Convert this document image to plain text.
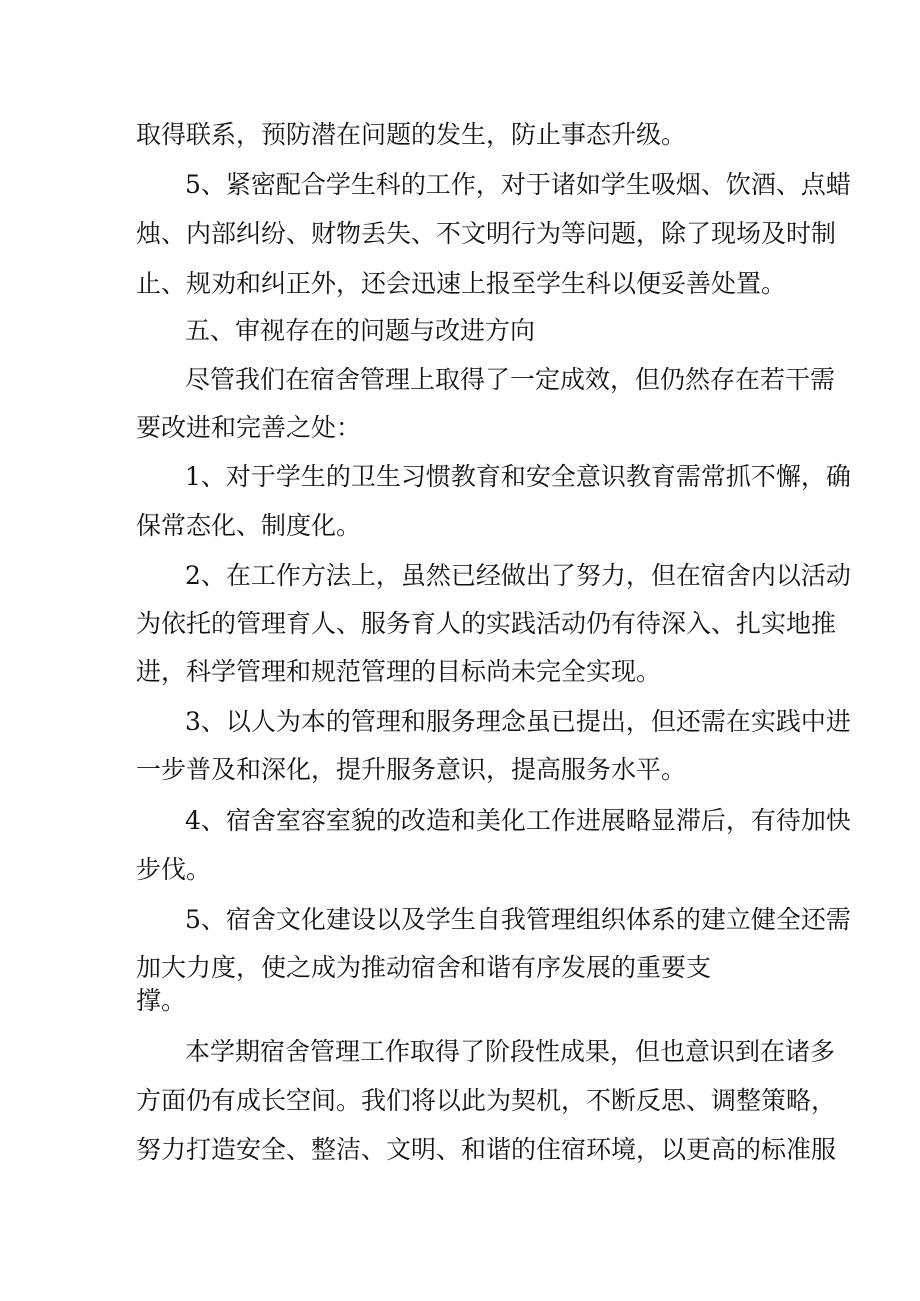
取得联系，预防潜在问题的发生，防止事态升级。
5、紧密配合学生科的工作，对于诸如学生吸烟、饮酒、点蜡
烛、内部纠纷、财物丢失、不文明行为等问题，除了现场及时制
止、规劝和纠正外，还会迅速上报至学生科以便妥善处置。
五、审视存在的问题与改进方向
尽管我们在宿舍管理上取得了一定成效，但仍然存在若干需
要改进和完善之处：
1、对于学生的卫生习惯教育和安全意识教育需常抓不懈，确
保常态化、制度化。
2、在工作方法上，虽然已经做出了努力，但在宿舍内以活动
为依托的管理育人、服务育人的实践活动仍有待深入、扎实地推
进，科学管理和规范管理的目标尚未完全实现。
3、以人为本的管理和服务理念虽已提出，但还需在实践中进
一步普及和深化，提升服务意识，提高服务水平。
4、宿舍室容室貌的改造和美化工作进展略显滞后，有待加快
步伐。
5、宿舍文化建设以及学生自我管理组织体系的建立健全还需
加大力度，使之成为推动宿舍和谐有序发展的重要支
撑。
本学期宿舍管理工作取得了阶段性成果，但也意识到在诸多
方面仍有成长空间。我们将以此为契机，不断反思、调整策略，
努力打造安全、整洁、文明、和谐的住宿环境，以更高的标准服
